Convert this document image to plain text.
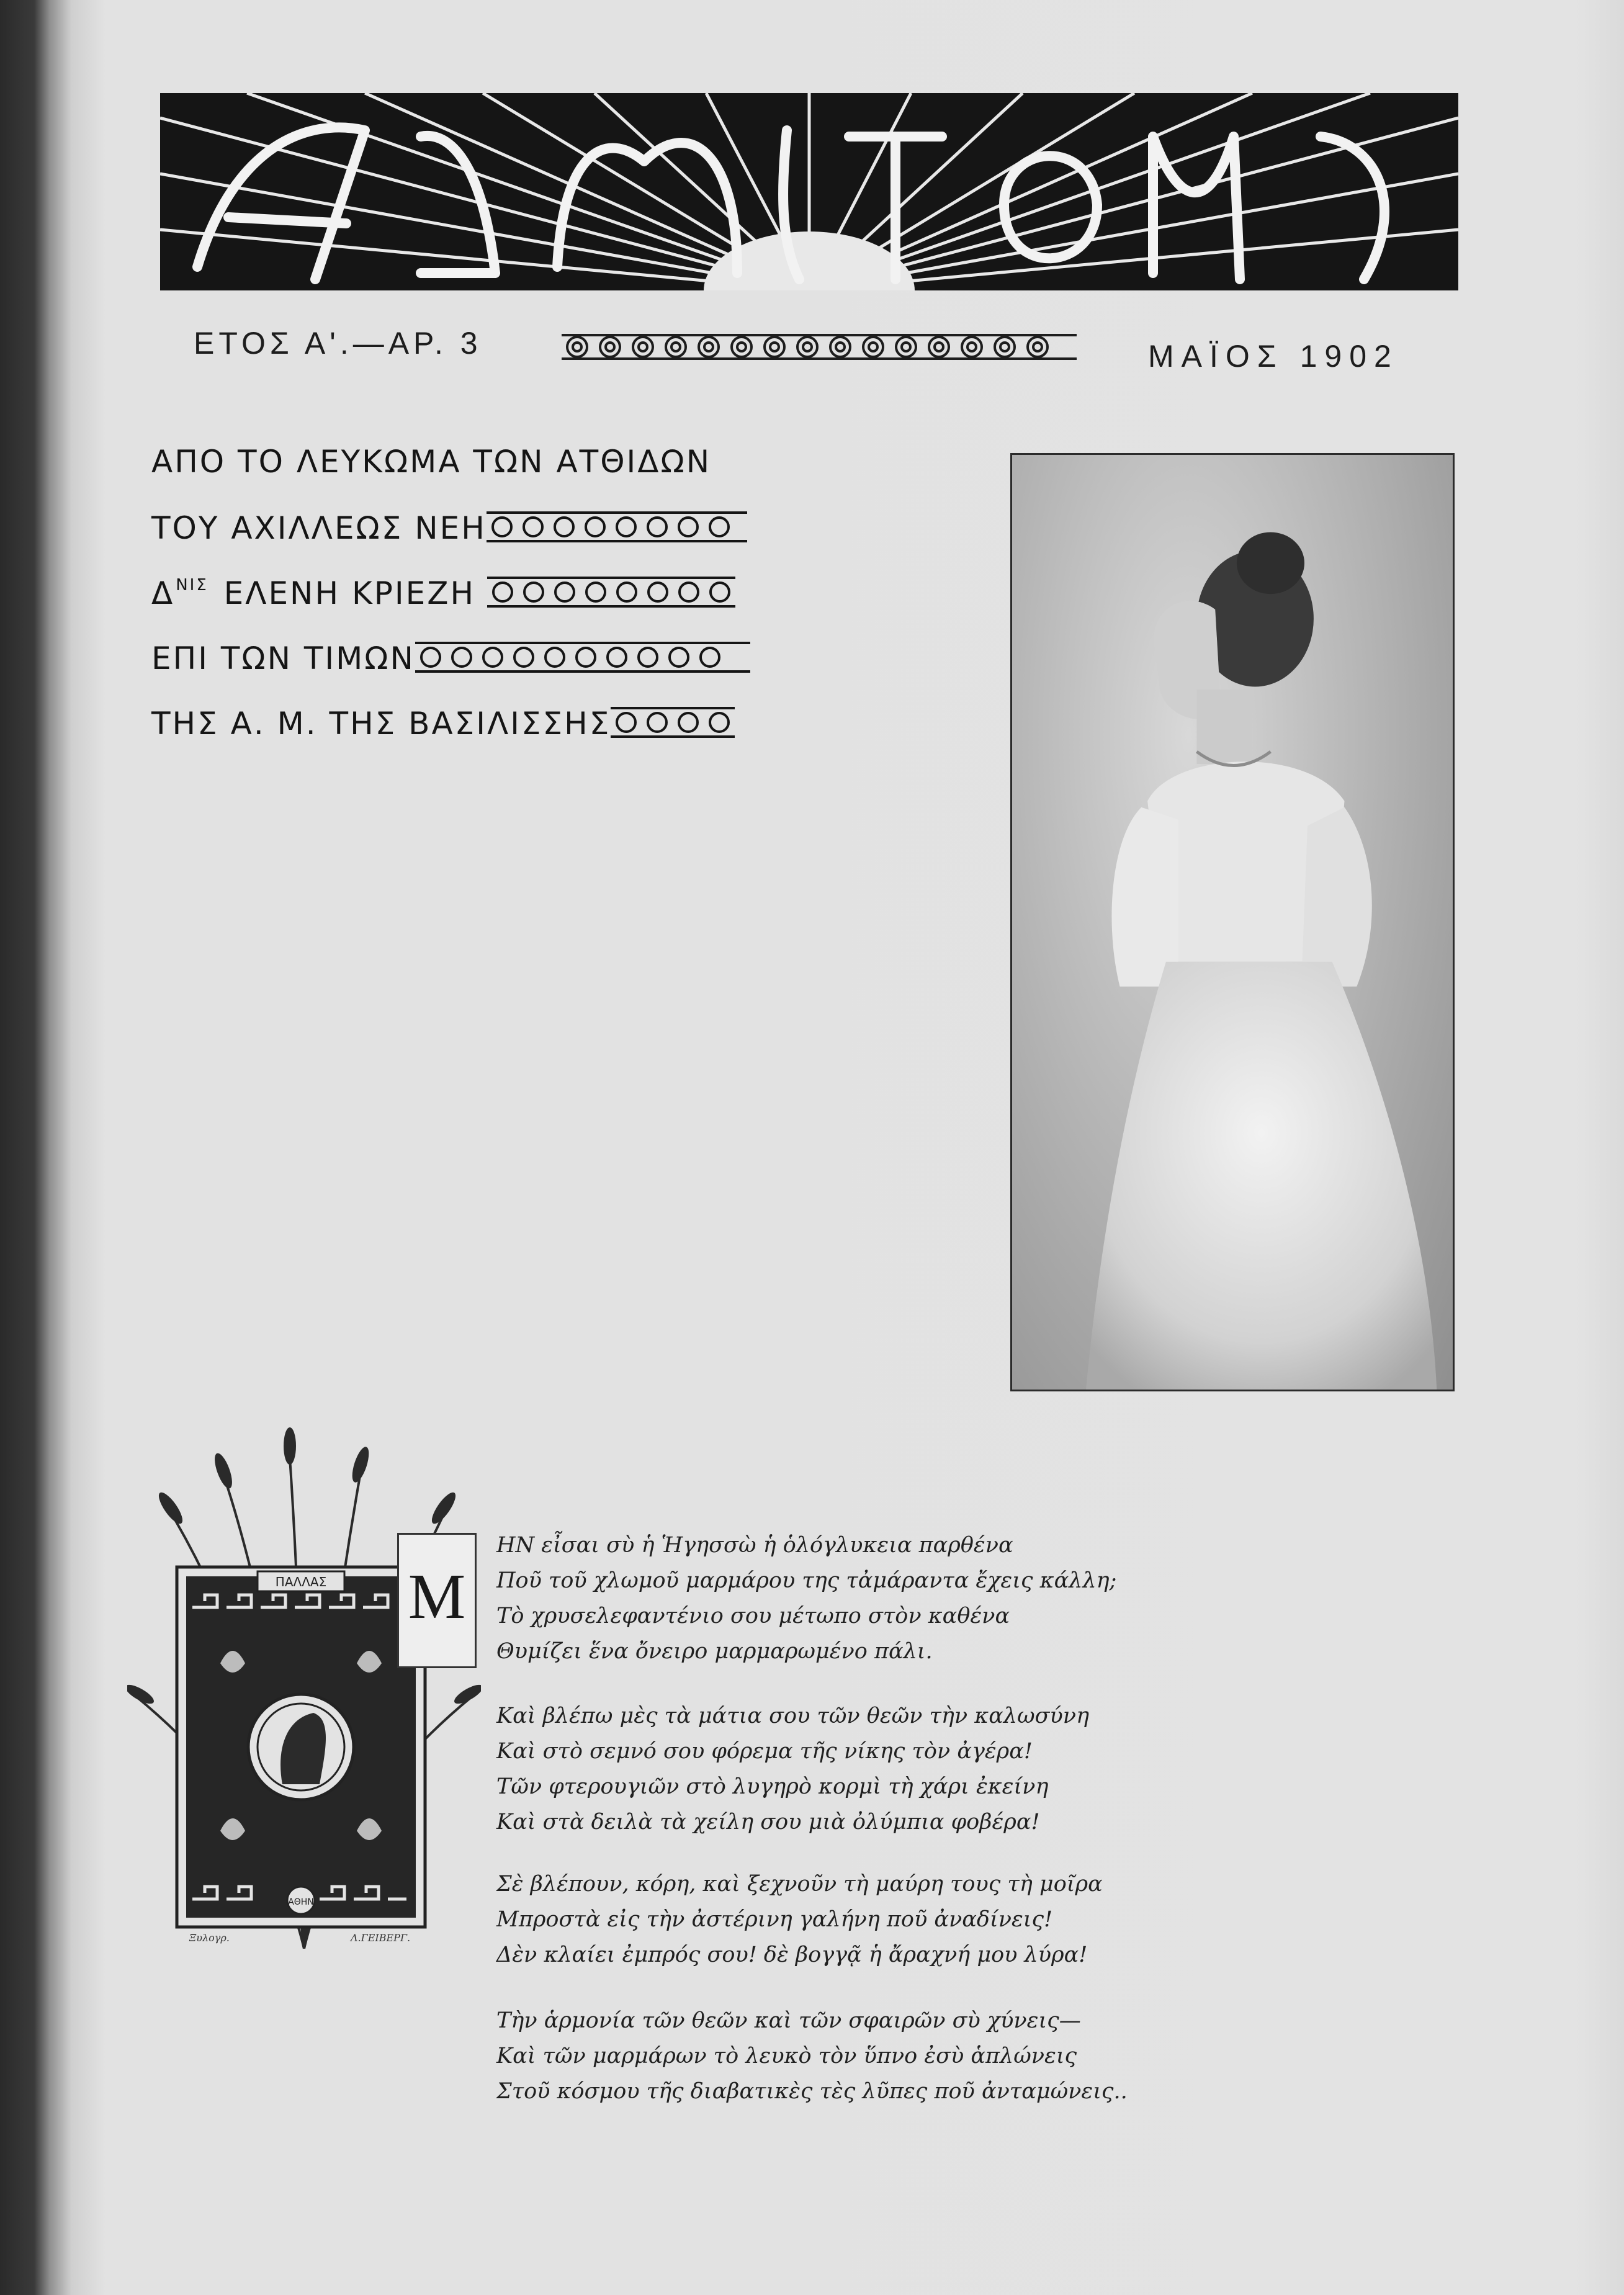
ΕΤΟΣ Α'.—ΑΡ. 3	ΜΑΪΟΣ 1902
ΑΠΟ ΤΟ ΛΕΥΚΩΜΑ ΤΩΝ ΑΤΘΙΔΩΝ
ΤΟΥ ΑΧΙΛΛΕΩΣ ΝΕΗ
$\Delta^{NI\Sigma}$ ΕΛΕΝΗ ΚΡΙΕΖΗ
ΕΠΙ ΤΩΝ ΤΙΜΩΝ
ΤΗΣ Α. Μ. ΤΗΣ ΒΑΣΙΛΙΣΣΗΣ
ΠΑΛΛΑΣ
ΑΘΗΝ
Ξυλογρ.	Λ.ΓΕΙΒΕΡΓ.
Μ
ΗΝ εἶσαι σὺ ἡ Ἡγησσὼ ἡ ὁλόγλυκεια παρθένα
Ποῦ τοῦ χλωμοῦ μαρμάρου της τἀμάραντα ἔχεις κάλλη;
Τὸ χρυσελεφαντένιο σου μέτωπο στὸν καθένα
Θυμίζει ἕνα ὄνειρο μαρμαρωμένο πάλι.
Καὶ βλέπω μὲς τὰ μάτια σου τῶν θεῶν τὴν καλωσύνη
Καὶ στὸ σεμνό σου φόρεμα τῆς νίκης τὸν ἀγέρα!
Τῶν φτερουγιῶν στὸ λυγηρὸ κορμὶ τὴ χάρι ἐκείνη
Καὶ στὰ δειλὰ τὰ χείλη σου μιὰ ὀλύμπια φοβέρα!
Σὲ βλέπουν, κόρη, καὶ ξεχνοῦν τὴ μαύρη τους τὴ μοῖρα
Μπροστὰ εἰς τὴν ἀστέρινη γαλήνη ποῦ ἀναδίνεις!
Δὲν κλαίει ἐμπρός σου! δὲ βογγᾷ ἡ ἄραχνή μου λύρα!
Τὴν ἁρμονία τῶν θεῶν καὶ τῶν σφαιρῶν σὺ χύνεις—
Καὶ τῶν μαρμάρων τὸ λευκὸ τὸν ὕπνο ἐσὺ ἁπλώνεις
Στοῦ κόσμου τῆς διαβατικὲς τὲς λῦπες ποῦ ἀνταμώνεις..
